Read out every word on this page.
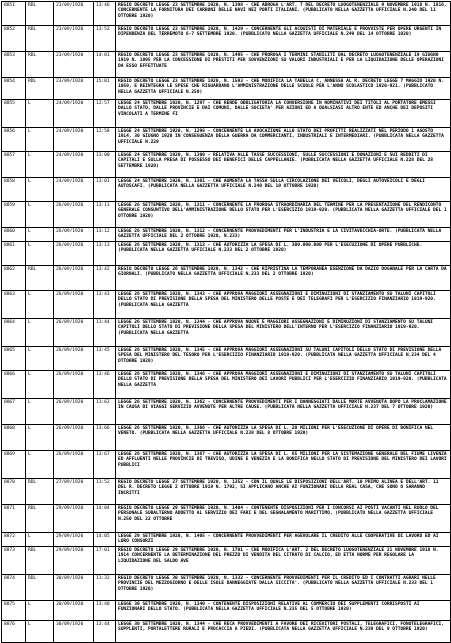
8851	RDL	23/09/1920	13:46	REGIO DECRETO LEGGE 23 SETTEMBRE 1920, N. 1398 - CHE ABROGA L'ART. 7 DEL DECRETO LUOGOTENENZIALE 9 NOVEMBRE 1918 N. 1816, CONCERNENTE LA FORNITURA DEI CARBONI DELLE NAVI NEI PORTI ITALIANI. (PUBBLICATO NELLA GAZZETTA UFFICIALE N.240 DEL 11 OTTOBRE 1920)
8852	RDL	23/09/1920	13:52	REGIO DECRETO LEGGE 23 SETTEMBRE 1920, N. 1429 - CONCERNENTE GLI ACQUISTI DI MATERIALE E PROVVISTE PER OPERE URGENTI IN DIPENDENZA DEL TERREMOTO 6-7 SETTEMBRE 1920. (PUBBLICATO NELLA GAZZETTA UFFICIALE N.249 DEL 14 OTTOBRE 1920)
8853	RDL	23/09/1920	14:01	REGIO DECRETO LEGGE 23 SETTEMBRE 1920, N. 1495 - CHE PROROGA I TERMINI STABILITI DAL DECRETO LUOGOTENENZIALE 19 GIUGNO 1919 N. 1095 PER LA CONCESSIONE DI PRESTITI PER SOVVENZIONI SU VALORI INDUSTRIALI E PER LA LIQUIDAZIONE DELLE OPERAZIONI DA ESSO EFFETTUATE
8854	RDL	23/09/1920	15:01	REGIO DECRETO LEGGE 23 SETTEMBRE 1920, N. 1593 - CHE MODIFICA LA TABELLA C, ANNESSA AL R. DECRETO LEGGE 7 MAGGIO 1920 N. 1050, E REINTEGRA LE SPESE CHE RIGUARDANO L'AMMINISTRAZIONE DELLE SCUOLE PER L'ANNO SCOLASTICO 1920-921. (PUBBLICATO NELLA GAZZETTA UFFICIALE N.259)
8855	L	24/09/1920	12:57	LEGGE 24 SETTEMBRE 1920, N. 1297 - CHE RENDE OBBLIGATORIA LA CONVERSIONE IN NOMINATIVI DEI TITOLI AL PORTATORE EMESSI DALLO STATO, DALLE PROVINCIE E DAI COMUNI, DALLE SOCIETA' PER AZIONI ED A QUALSIASI ALTRO ENTE ED ANCHE DEI DEPOSITI VINCOLATI A TERMINE FI
8856	L	24/09/1920	12:58	LEGGE 24 SETTEMBRE 1920, N. 1298 - CONCERNENTE LA AVOCAZIONE ALLO STATO DEI PROFITTI REALIZZATI NEL PERIODO 1 AGOSTO 1914, 30 GIUGNO 1920 IN CONSEGUENZA DELLA GUERRA DA COMMERCIANTI, INDUSTRIALI E INTERMEDIARI. (PUBBLICATA NELLA GAZZETTA UFFICIALE N.229
8857	L	24/09/1920	13:00	LEGGE 24 SETTEMBRE 1920, N. 1300 - RELATIVA ALLE TASSE SUCCESSIONI, SULLE SUCCESSIONI E DONAZIONI E SUI REDDITI DI CAPITALI E SULLA PRESA DI POSSESSO DEI BENEFICI DELLE CAPPELLANIE. (PUBBLICATA NELLA GAZZETTA UFFICIALE N.228 DEL 28 SETTEMBRE 1920)
8858	L	24/09/1920	13:01	LEGGE 24 SETTEMBRE 1920, N. 1301 - CHE AUMENTA LA TASSA SULLA CIRCOLAZIONE DEI VEICOLI, DEGLI AUTOVEICOLI E DEGLI AUTOSCAFI. (PUBBLICATA NELLA GAZZETTA UFFICIALE N.240 DEL 10 OTTOBRE 1920)
8859	L	26/09/1920	13:11	LEGGE 26 SETTEMBRE 1920, N. 1311 - CONCERNENTE LA PROROGA STRAORDINARIA DEL TERMINE PER LA PRESENTAZIONE DEL RENDICONTO GENERALE CONSUNTIVO DELL'AMMINISTRAZIONE DELLO STATO PER L'ESERCIZIO 1919-920. (PUBBLICATA NELLA GAZZETTA UFFICIALE DEL 1 OTTOBRE 1920)
8860	L	26/09/1920	13:12	LEGGE 26 SETTEMBRE 1920, N. 1312 - CONCERNENTE PROVVEDIMENTI PER L'INDUSTRIA E LA CIVITAVECCHIA-ORTE. (PUBBLICATA NELLA GAZZETTA UFFICIALE DEL 2 OTTOBRE 1920, N.233)
8861	L	26/09/1920	13:13	LEGGE 26 SETTEMBRE 1920, N. 1313 - CHE AUTORIZZA LA SPESA DI L. 300.000.000 PER L'ESECUZIONE DI OPERE PUBBLICHE. (PUBBLICATA NELLA GAZZETTA UFFICIALE N.233 DEL 2 OTTOBRE 1920)
8862	RDL	26/09/1920	13:42	REGIO DECRETO LEGGE 26 SETTEMBRE 1920, N. 1342 - CHE RIPRISTINA LA TEMPORANEA ESENZIONE DA DAZIO DOGANALE PER LA CARTA DA GIORNALI. (PUBBLICATO NELLA GAZZETTA UFFICIALE N.233 DEL 2 OTTOBRE 1920)
8863	L	26/09/1920	13:43	LEGGE 26 SETTEMBRE 1920, N. 1343 - CHE APPROVA MAGGIORI ASSEGNAZIONI E DIMINUZIONI DI STANZIAMENTO SU TALUNI CAPITOLI DELLO STATO DI PREVISIONE DELLA SPESA DEL MINISTERO DELLE POSTE E DEI TELEGRAFI PER L'ESERCIZIO FINANZIARIO 1919-920. (PUBBLICATA NELLA GAZZETTA
8864	L	26/09/1920	13:44	LEGGE 26 SETTEMBRE 1920, N. 1344 - CHE APPROVA NUOVE E MAGGIORI ASSEGNAZIONI E DIMINUZIONI DI STANZIAMENTO SU TALUNI CAPITOLI DELLO STATO DI PREVISIONE DELLA SPESA DEL MINISTERO DELL'INTERNO PER L'ESERCIZIO FINANZIARIO 1919-920. (PUBBLICATA NELLA GAZZETTA
8865	L	26/09/1920	13:45	LEGGE 26 SETTEMBRE 1920, N. 1345 - CHE APPROVA MAGGIORI ASSEGNAZIONI SU TALUNI CAPITOLI DELLO STATO DI PREVISIONE DELLA SPESA DEL MINISTERO DEL TESORO PER L'ESERCIZIO FINANZIARIO 1919-920. (PUBBLICATA NELLA GAZZETTA UFFICIALE N.234 DEL 4 OTTOBRE 1920)
8866	L	26/09/1920	13:46	LEGGE 26 SETTEMBRE 1920, N. 1346 - CHE APPROVA MAGGIORI ASSEGNAZIONI E DIMINUZIONI DI STANZIAMENTO SU TALUNI CAPITOLI DELLO STATO DI PREVISIONE DELLA SPESA DEL MINISTERO DEI LAVORI PUBBLICI PER L'ESERCIZIO FINANZIARIO 1919-920. (PUBBLICATA NELLA GAZZETTA
8867	L	26/09/1920	13:62	LEGGE 26 SETTEMBRE 1920, N. 1362 - CONCERNENTE PROVVEDIMENTI PER I DANNEGGIATI DALLE MORTE AVVENUTA DOPO LA PROCLAMAZIONE IN CAUSA DI VIAGGI SERVIZIO AVVENUTE PER ALTRE CAUSE. (PUBBLICATA NELLA GAZZETTA UFFICIALE N.237 DEL 7 OTTOBRE 1920)
8868	L	26/09/1920	13:66	LEGGE 26 SETTEMBRE 1920, N. 1366 - CHE AUTORIZZA LA SPESA DI L. 20 MILIONI PER L'ESECUZIONE DI OPERE DI BONIFICA NEL VENETO. (PUBBLICATA NELLA GAZZETTA UFFICIALE N.238 DEL 8 OTTOBRE 1920)
8869	L	26/09/1920	13:67	LEGGE 26 SETTEMBRE 1920, N. 1367 - CHE AUTORIZZA LA SPESA DI L. 65 MILIONI PER LA SISTEMAZIONE GENERALE DEL FIUME LIVENZA ED AFFLUENTI NELLE PROVINCIE DI TREVISO, UDINE E VENEZIA E LA BONIFICA NELLO STATO DI PREVISIONE DEL MINISTERO DEI LAVORI PUBBLICI
8870	RDL	27/09/1920	13:52	REGIO DECRETO LEGGE 27 SETTEMBRE 1920, N. 1352 - CON IL QUALE LE DISPOSIZIONI DELL'ART. 10 PRIMO ALINEA E DELL'ART. 11 DEL R. DECRETO LEGGE 2 OTTOBRE 1919 N. 1792, SI APPLICANO ANCHE AI FUNZIONARI DELLA REAL CASA, CHE SONO O SARANNO INCRITTI
8871	RDL	29/09/1920	14:04	REGIO DECRETO LEGGE 29 SETTEMBRE 1920, N. 1404 - CONTENENTE DISPOSIZIONI PER I CONCORSI AI POSTI VACANTI NEL RUOLO DEL PERSONALE SUBALTERNO ADDETTO AL SERVIZIO DEI FARI E DEL SEGNALAMENTO MARITTIMO. (PUBBLICATO NELLA GAZZETTA UFFICIALE N.250 DEL 22 OTTOBRE
8872	L	29/09/1920	14:05	LEGGE 29 SETTEMBRE 1920, N. 1405 - CONCERNENTE PROVVEDIMENTI PER AGEVOLARE IL CREDITO ALLE COOPERATIVE DI LAVORO ED AI LORO CONSORZI
8873	RDL	29/09/1920	17:01	REGIO DECRETO LEGGE 29 SETTEMBRE 1920, N. 1701 - CHE MODIFICA L'ART. 2 DEL DECRETO LUOGOTENENZIALE 21 NOVEMBRE 1918 N. 1914 CONCERNENTE LA DETERMINAZIONE DEL PREZZO DI VENDITA DEL CITRATO DI CALCIO, ED ETTA NORME PER REGOLARE LA LIQUIDAZIONE DEL SALDO AVE
8874	RDL	30/09/1920	13:32	REGIO DECRETO LEGGE 30 SETTEMBRE 1920, N. 1332 - CONCERNENTE PROVVEDIMENTI PER IL CREDITO ED I CONTRATTI AGRARI NELLE PROVINCIE DEL MEZZOGIORNO E DELLE ISOLE DANNEGGIATE DALLA SICCITA'. (PUBBLICATO NELLA GAZZETTA UFFICIALE N.233 DEL 1 OTTOBRE 1920)
8875	L	30/09/1920	13:40	LEGGE 30 SETTEMBRE 1920, N. 1340 - CONTENENTE DISPOSIZIONI RELATIVE AL COMMERCIO DEI SUPPLEMENTI CORRISPOSTI AI FUNZIONARI DELLO STATO. (PUBBLICATA NELLA GAZZETTA UFFICIALE N.235 DEL 5 OTTOBRE 1920)
8876	L	30/09/1920	13:44	LEGGE 30 SETTEMBRE 1920, N. 1344 - CHE RECA PROVVEDIMENTI A FAVORE DEI RICEVITORI POSTALI, TELEGRAFICI, FONOTELEGRAFICI, SUPPLENTI, PORTALETTERE RURALI E PROCACCIA A PIEDI. (PUBBLICATA NELLA GAZZETTA UFFICIALE N.239 DEL 9 OTTOBRE 1920)
